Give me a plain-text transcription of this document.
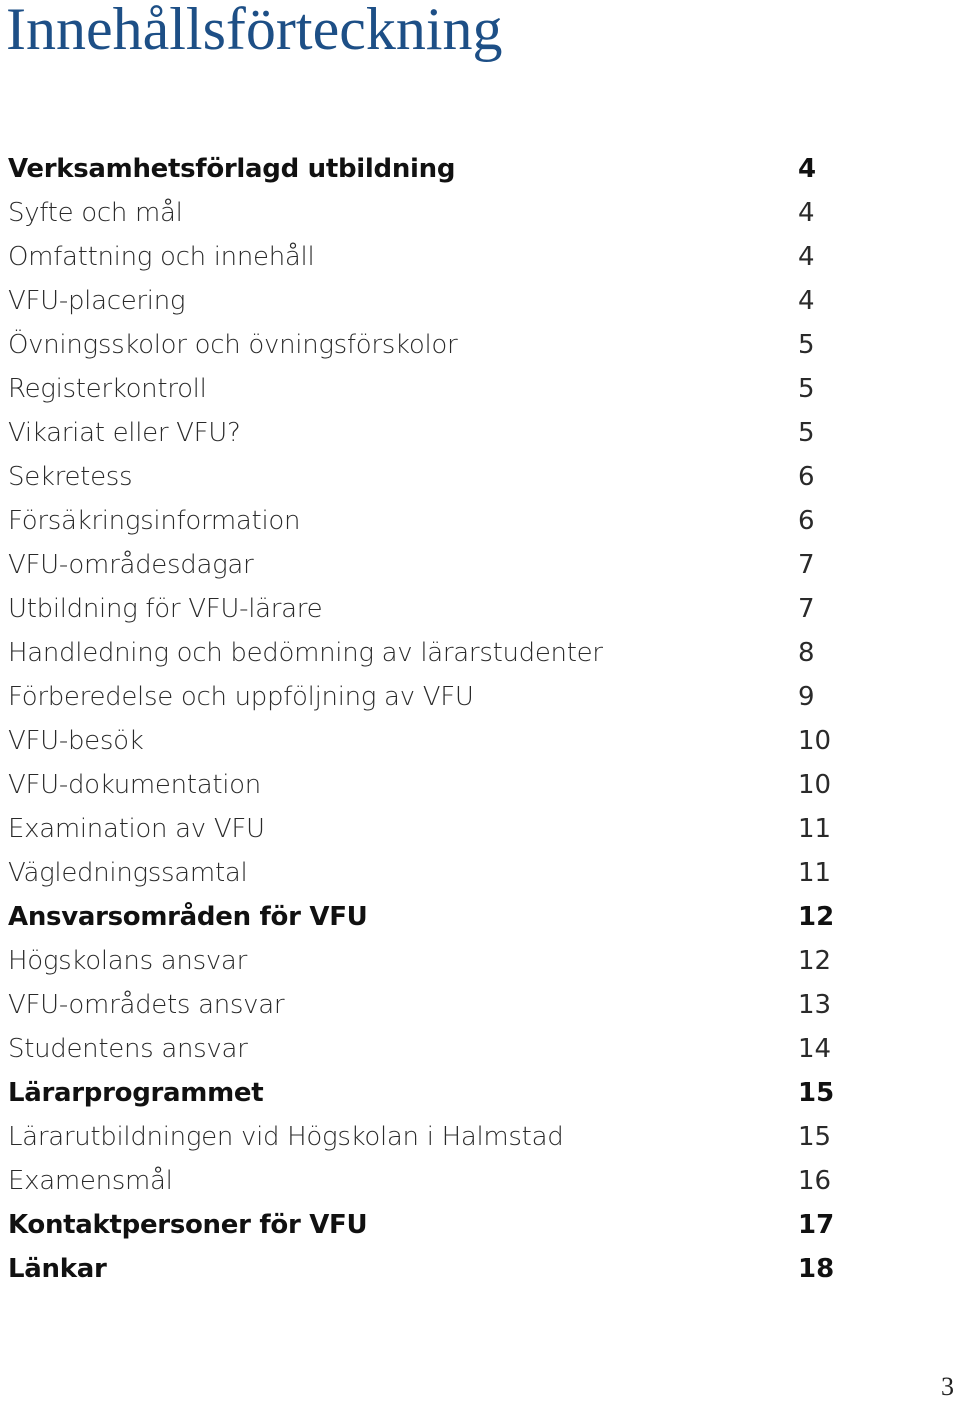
Innehållsförteckning
Verksamhetsförlagd utbildning	4
Syfte och mål	4
Omfattning och innehåll	4
VFU-placering	4
Övningsskolor och övningsförskolor	5
Registerkontroll	5
Vikariat eller VFU?	5
Sekretess	6
Försäkringsinformation	6
VFU-områdesdagar	7
Utbildning för VFU-lärare	7
Handledning och bedömning av lärarstudenter	8
Förberedelse och uppföljning av VFU	9
VFU-besök	10
VFU-dokumentation	10
Examination av VFU	11
Vägledningssamtal	11
Ansvarsområden för VFU	12
Högskolans ansvar	12
VFU-områdets ansvar	13
Studentens ansvar	14
Lärarprogrammet	15
Lärarutbildningen vid Högskolan i Halmstad	15
Examensmål	16
Kontaktpersoner för VFU	17
Länkar	18

3
